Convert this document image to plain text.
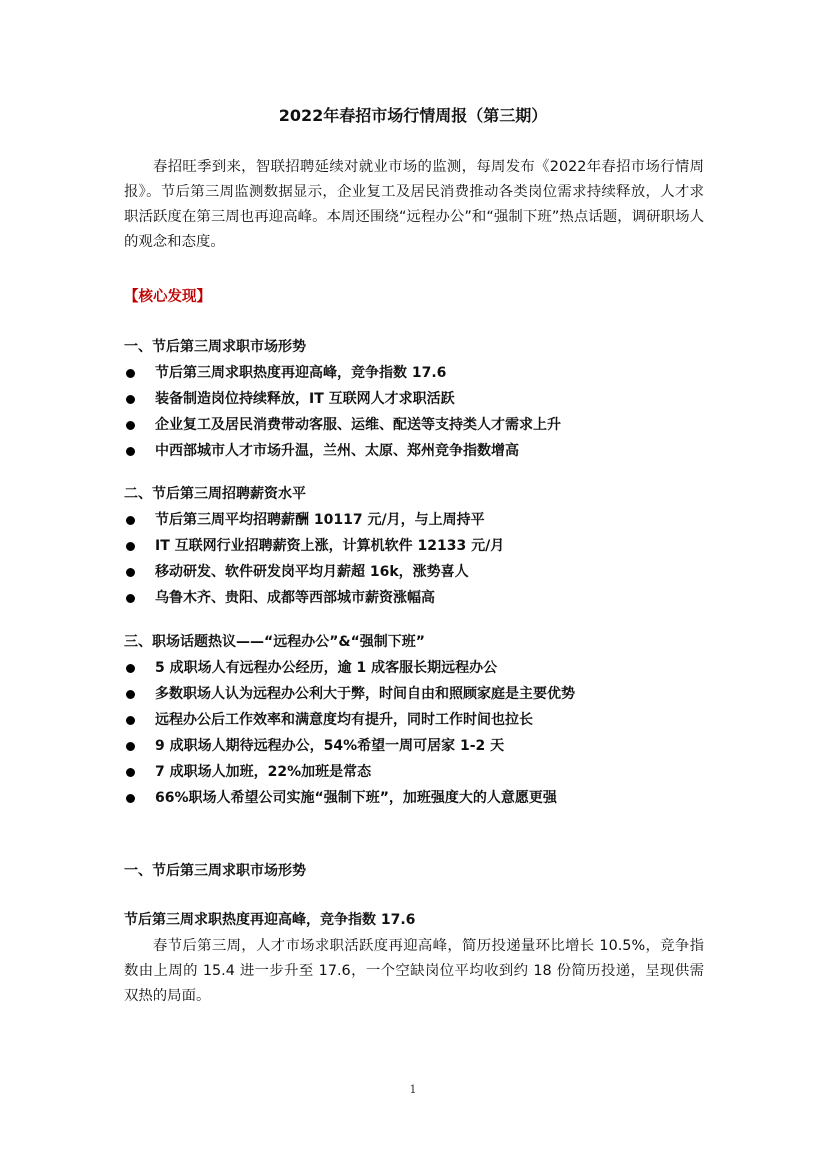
2022年春招市场行情周报（第三期）

春招旺季到来，智联招聘延续对就业市场的监测，每周发布《2022年春招市场行情周报》。节后第三周监测数据显示，企业复工及居民消费推动各类岗位需求持续释放，人才求职活跃度在第三周也再迎高峰。本周还围绕“远程办公”和“强制下班”热点话题，调研职场人的观念和态度。

【核心发现】
一、节后第三周求职市场形势
节后第三周求职热度再迎高峰，竞争指数 17.6
装备制造岗位持续释放，IT 互联网人才求职活跃
企业复工及居民消费带动客服、运维、配送等支持类人才需求上升
中西部城市人才市场升温，兰州、太原、郑州竞争指数增高
二、节后第三周招聘薪资水平
节后第三周平均招聘薪酬 10117 元/月，与上周持平
IT 互联网行业招聘薪资上涨，计算机软件 12133 元/月
移动研发、软件研发岗平均月薪超 16k，涨势喜人
乌鲁木齐、贵阳、成都等西部城市薪资涨幅高
三、职场话题热议——“远程办公”&“强制下班”
5 成职场人有远程办公经历，逾 1 成客服长期远程办公
多数职场人认为远程办公利大于弊，时间自由和照顾家庭是主要优势
远程办公后工作效率和满意度均有提升，同时工作时间也拉长
9 成职场人期待远程办公，54%希望一周可居家 1-2 天
7 成职场人加班，22%加班是常态
66%职场人希望公司实施“强制下班”，加班强度大的人意愿更强
一、节后第三周求职市场形势
节后第三周求职热度再迎高峰，竞争指数 17.6

春节后第三周，人才市场求职活跃度再迎高峰，简历投递量环比增长 10.5%，竞争指数由上周的 15.4 进一步升至 17.6，一个空缺岗位平均收到约 18 份简历投递，呈现供需双热的局面。

1
